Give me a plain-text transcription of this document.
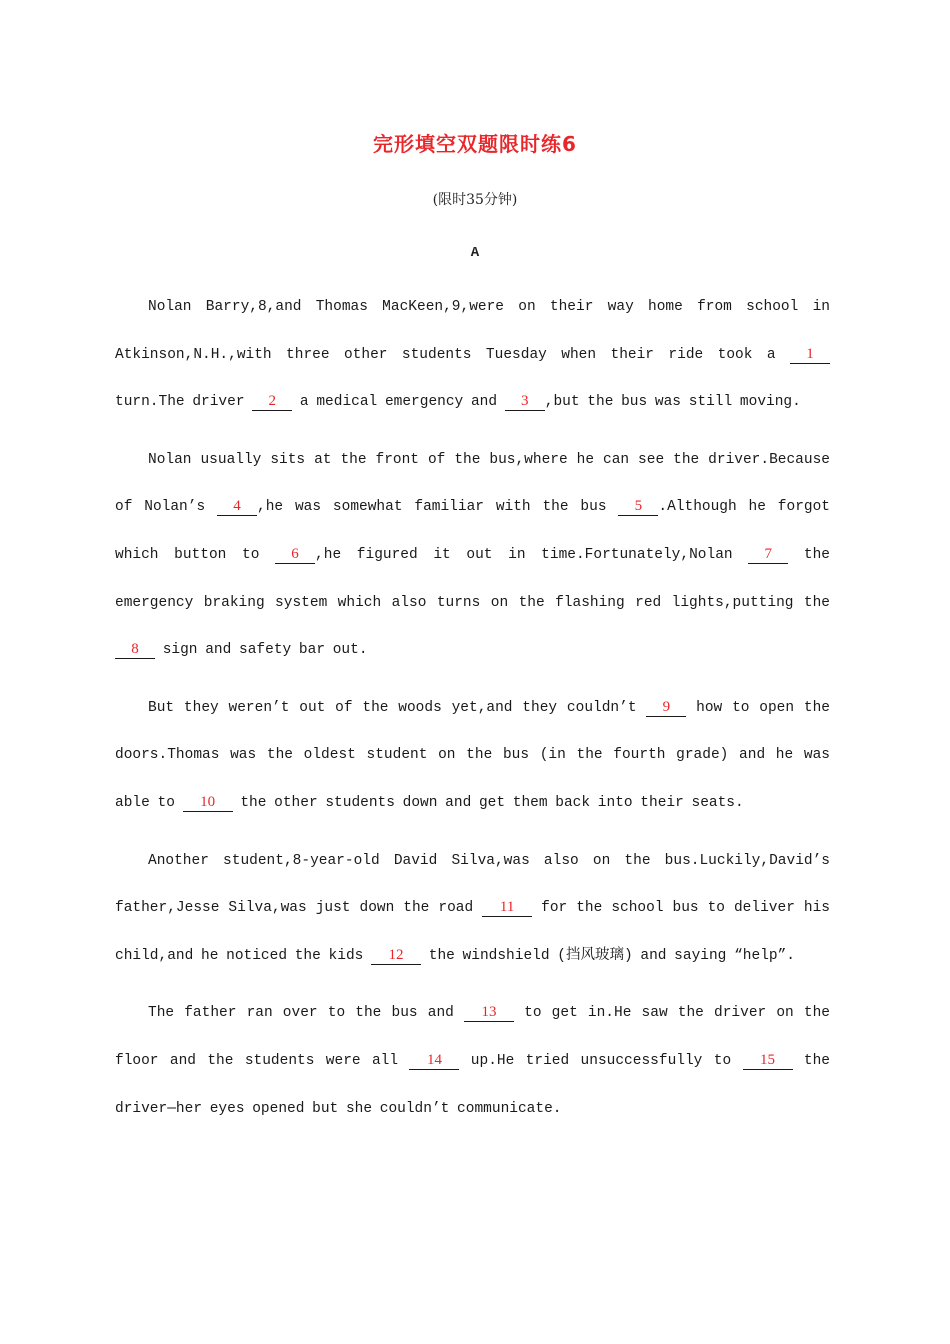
完形填空双题限时练6
(限时35分钟)
A

Nolan Barry,8,and Thomas MacKeen,9,were on their way home from school in Atkinson,N.H.,with three other students Tuesday when their ride took a 1 turn.The driver 2 a medical emergency and 3 ,but the bus was still moving.

Nolan usually sits at the front of the bus,where he can see the driver.Because of Nolan’s 4 ,he was somewhat familiar with the bus 5 .Although he forgot which button to 6 ,he figured it out in time.Fortunately,Nolan 7 the emergency braking system which also turns on the flashing red lights,putting the 8 sign and safety bar out.

But they weren’t out of the woods yet,and they couldn’t 9 how to open the doors.Thomas was the oldest student on the bus (in the fourth grade) and he was able to 10 the other students down and get them back into their seats.

Another student,8-year-old David Silva,was also on the bus.Luckily,David’s father,Jesse Silva,was just down the road 11 for the school bus to deliver his child,and he noticed the kids 12 the windshield (挡风玻璃) and saying “help”.

The father ran over to the bus and 13 to get in.He saw the driver on the floor and the students were all 14 up.He tried unsuccessfully to 15 the driver—her eyes opened but she couldn’t communicate.
